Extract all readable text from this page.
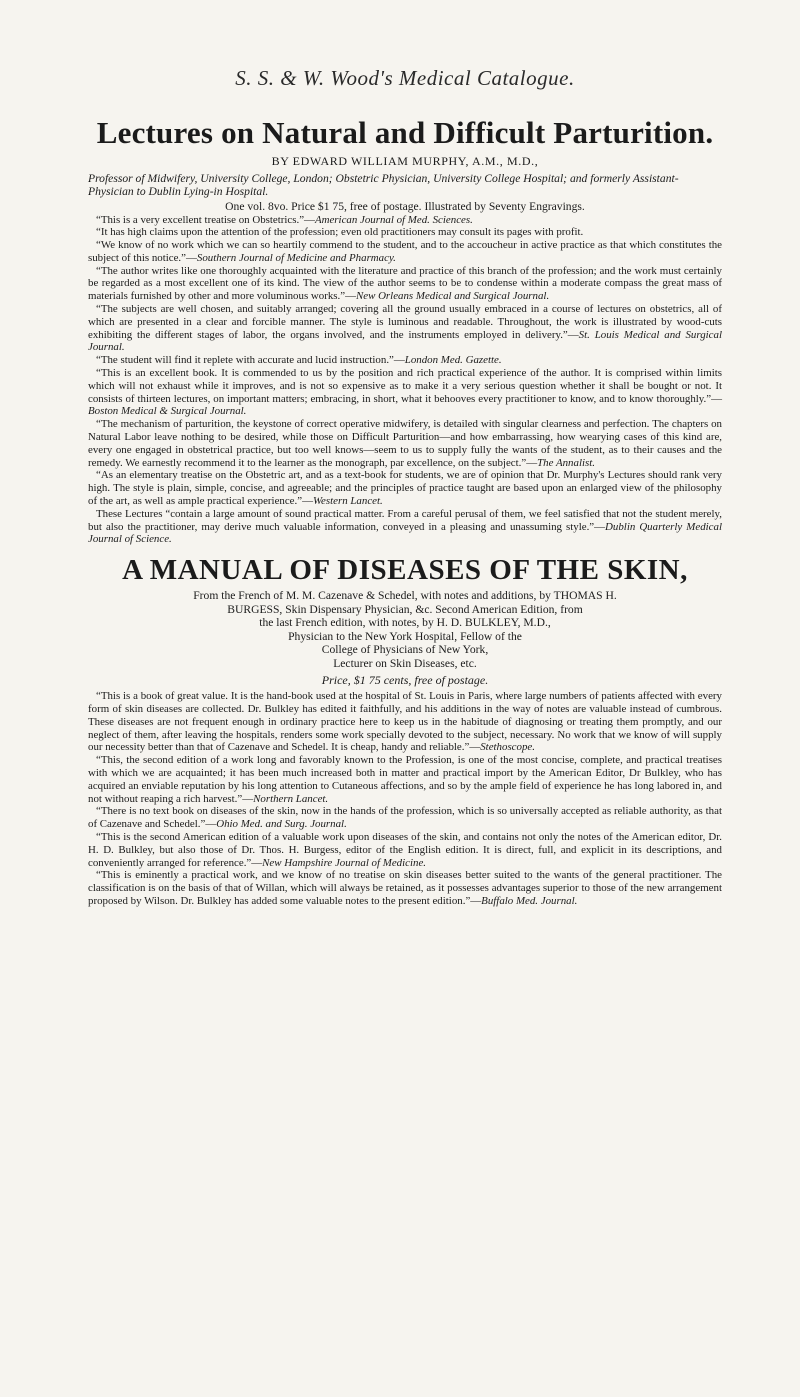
S. S. & W. Wood's Medical Catalogue.
Lectures on Natural and Difficult Parturition.
BY EDWARD WILLIAM MURPHY, A.M., M.D.,
Professor of Midwifery, University College, London; Obstetric Physician, University College Hospital; and formerly Assistant-Physician to Dublin Lying-in Hospital.

One vol. 8vo. Price $1 75, free of postage. Illustrated by Seventy Engravings.

“This is a very excellent treatise on Obstetrics.”—American Journal of Med. Sciences.

“It has high claims upon the attention of the profession; even old practitioners may consult its pages with profit.

“We know of no work which we can so heartily commend to the student, and to the accoucheur in active practice as that which constitutes the subject of this notice.”—Southern Journal of Medicine and Pharmacy.

“The author writes like one thoroughly acquainted with the literature and practice of this branch of the profession; and the work must certainly be regarded as a most excellent one of its kind. The view of the author seems to be to condense within a moderate compass the great mass of materials furnished by other and more voluminous works.”—New Orleans Medical and Surgical Journal.

“The subjects are well chosen, and suitably arranged; covering all the ground usually embraced in a course of lectures on obstetrics, all of which are presented in a clear and forcible manner. The style is luminous and readable. Throughout, the work is illustrated by wood-cuts exhibiting the different stages of labor, the organs involved, and the instruments employed in delivery.”—St. Louis Medical and Surgical Journal.

“The student will find it replete with accurate and lucid instruction.”—London Med. Gazette.

“This is an excellent book. It is commended to us by the position and rich practical experience of the author. It is comprised within limits which will not exhaust while it improves, and is not so expensive as to make it a very serious question whether it shall be bought or not. It consists of thirteen lectures, on important matters; embracing, in short, what it behooves every practitioner to know, and to know thoroughly.”—Boston Medical & Surgical Journal.

“The mechanism of parturition, the keystone of correct operative midwifery, is detailed with singular clearness and perfection. The chapters on Natural Labor leave nothing to be desired, while those on Difficult Parturition—and how embarrassing, how wearying cases of this kind are, every one engaged in obstetrical practice, but too well knows—seem to us to supply fully the wants of the student, as to their causes and the remedy. We earnestly recommend it to the learner as the monograph, par excellence, on the subject.”—The Annalist.

“As an elementary treatise on the Obstetric art, and as a text-book for students, we are of opinion that Dr. Murphy's Lectures should rank very high. The style is plain, simple, concise, and agreeable; and the principles of practice taught are based upon an enlarged view of the philosophy of the art, as well as ample practical experience.”—Western Lancet.

These Lectures “contain a large amount of sound practical matter. From a careful perusal of them, we feel satisfied that not the student merely, but also the practitioner, may derive much valuable information, conveyed in a pleasing and unassuming style.”—Dublin Quarterly Medical Journal of Science.

A MANUAL OF DISEASES OF THE SKIN,

From the French of M. M. Cazenave & Schedel, with notes and additions, by THOMAS H.

BURGESS, Skin Dispensary Physician, &c. Second American Edition, from

the last French edition, with notes, by H. D. BULKLEY, M.D.,

Physician to the New York Hospital, Fellow of the

College of Physicians of New York,

Lecturer on Skin Diseases, etc.

Price, $1 75 cents, free of postage.

“This is a book of great value. It is the hand-book used at the hospital of St. Louis in Paris, where large numbers of patients affected with every form of skin diseases are collected. Dr. Bulkley has edited it faithfully, and his additions in the way of notes are valuable instead of cumbrous. These diseases are not frequent enough in ordinary practice here to keep us in the habitude of diagnosing or treating them promptly, and our neglect of them, after leaving the hospitals, renders some work specially devoted to the subject, necessary. No work that we know of will supply our necessity better than that of Cazenave and Schedel. It is cheap, handy and reliable.”—Stethoscope.

“This, the second edition of a work long and favorably known to the Profession, is one of the most concise, complete, and practical treatises with which we are acquainted; it has been much increased both in matter and practical import by the American Editor, Dr Bulkley, who has acquired an enviable reputation by his long attention to Cutaneous affections, and so by the ample field of experience he has long labored in, and not without reaping a rich harvest.”—Northern Lancet.

“There is no text book on diseases of the skin, now in the hands of the profession, which is so universally accepted as reliable authority, as that of Cazenave and Schedel.”—Ohio Med. and Surg. Journal.

“This is the second American edition of a valuable work upon diseases of the skin, and contains not only the notes of the American editor, Dr. H. D. Bulkley, but also those of Dr. Thos. H. Burgess, editor of the English edition. It is direct, full, and explicit in its descriptions, and conveniently arranged for reference.”—New Hampshire Journal of Medicine.

“This is eminently a practical work, and we know of no treatise on skin diseases better suited to the wants of the general practitioner. The classification is on the basis of that of Willan, which will always be retained, as it possesses advantages superior to those of the new arrangement proposed by Wilson. Dr. Bulkley has added some valuable notes to the present edition.”—Buffalo Med. Journal.
